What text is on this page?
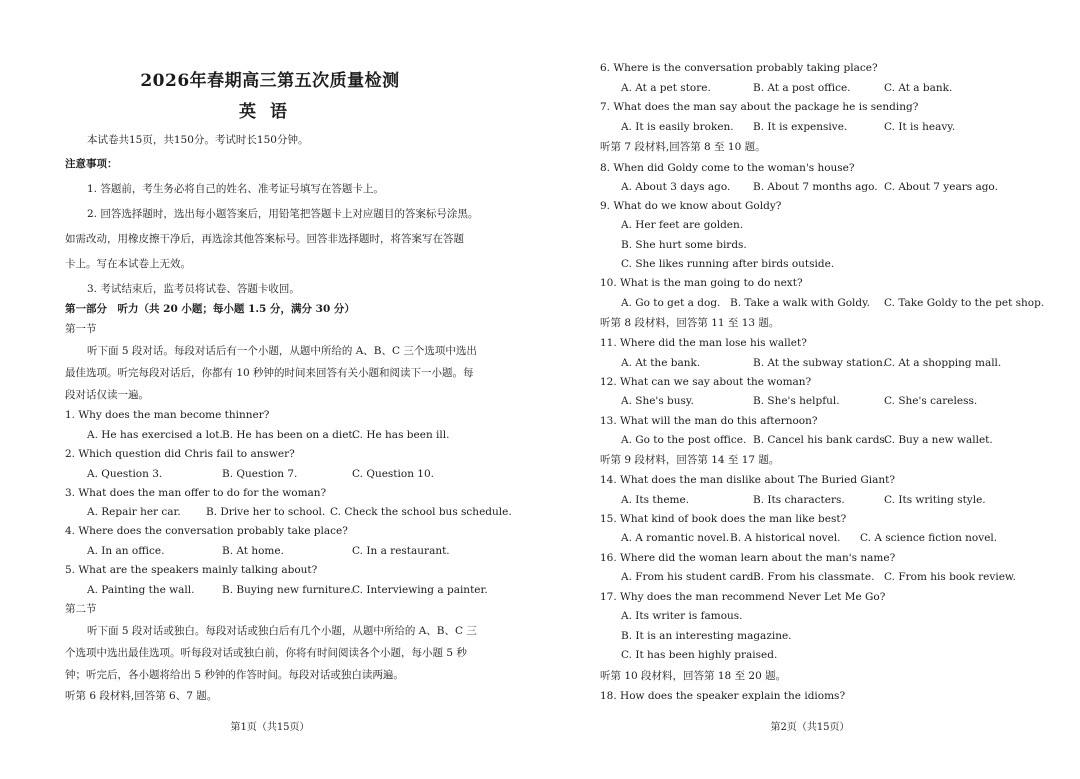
2026年春期高三第五次质量检测
英语
本试卷共15页，共150分。考试时长150分钟。
注意事项：
1. 答题前，考生务必将自己的姓名、准考证号填写在答题卡上。
2. 回答选择题时，选出每小题答案后，用铅笔把答题卡上对应题目的答案标号涂黑。
如需改动，用橡皮擦干净后，再选涂其他答案标号。回答非选择题时，将答案写在答题
卡上。写在本试卷上无效。
3. 考试结束后，监考员将试卷、答题卡收回。
第一部分　听力（共 20 小题；每小题 1.5 分，满分 30 分）
第一节
听下面 5 段对话。每段对话后有一个小题，从题中所给的 A、B、C 三个选项中选出
最佳选项。听完每段对话后，你都有 10 秒钟的时间来回答有关小题和阅读下一小题。每
段对话仅读一遍。
1. Why does the man become thinner?
A. He has exercised a lot. B. He has been on a diet.
C. He has been ill.
2. Which question did Chris fail to answer?
A. Question 3.	B. Question 7.	C. Question 10.
3. What does the man offer to do for the woman?
A. Repair her car. B. Drive her to school. C. Check the school bus schedule.
4. Where does the conversation probably take place?
A. In an office.	B. At home.	C. In a restaurant.
5. What are the speakers mainly talking about?
A. Painting the wall.	B. Buying new furniture.
C. Interviewing a painter.
第二节
听下面 5 段对话或独白。每段对话或独白后有几个小题，从题中所给的 A、B、C 三
个选项中选出最佳选项。听每段对话或独白前，你将有时间阅读各个小题，每小题 5 秒
钟；听完后，各小题将给出 5 秒钟的作答时间。每段对话或独白读两遍。
听第 6 段材料,回答第 6、7 题。
第1页（共15页）
6. Where is the conversation probably taking place?
A. At a pet store.	B. At a post office.	C. At a bank.
7. What does the man say about the package he is sending?
A. It is easily broken. B. It is expensive.	C. It is heavy.
听第 7 段材料,回答第 8 至 10 题。
8. When did Goldy come to the woman's house?
A. About 3 days ago. B. About 7 months ago. C. About 7 years ago.
9. What do we know about Goldy?
A. Her feet are golden.
B. She hurt some birds.
C. She likes running after birds outside.
10. What is the man going to do next?
A. Go to get a dog. B. Take a walk with Goldy. C. Take Goldy to the pet shop.
听第 8 段材料，回答第 11 至 13 题。
11. Where did the man lose his wallet?
A. At the bank.	B. At the subway station.
C. At a shopping mall.
12. What can we say about the woman?
A. She's busy.	B. She's helpful.	C. She's careless.
13. What will the man do this afternoon?
A. Go to the post office. B. Cancel his bank cards.
C. Buy a new wallet.
听第 9 段材料，回答第 14 至 17 题。
14. What does the man dislike about The Buried Giant?
A. Its theme.	B. Its characters.	C. Its writing style.
15. What kind of book does the man like best?
A. A romantic novel. B. A historical novel. C. A science fiction novel.
16. Where did the woman learn about the man's name?
A. From his student card.
B. From his classmate. C. From his book review.
17. Why does the man recommend Never Let Me Go?
A. Its writer is famous.
B. It is an interesting magazine.
C. It has been highly praised.
听第 10 段材料，回答第 18 至 20 题。
18. How does the speaker explain the idioms?
第2页（共15页）
